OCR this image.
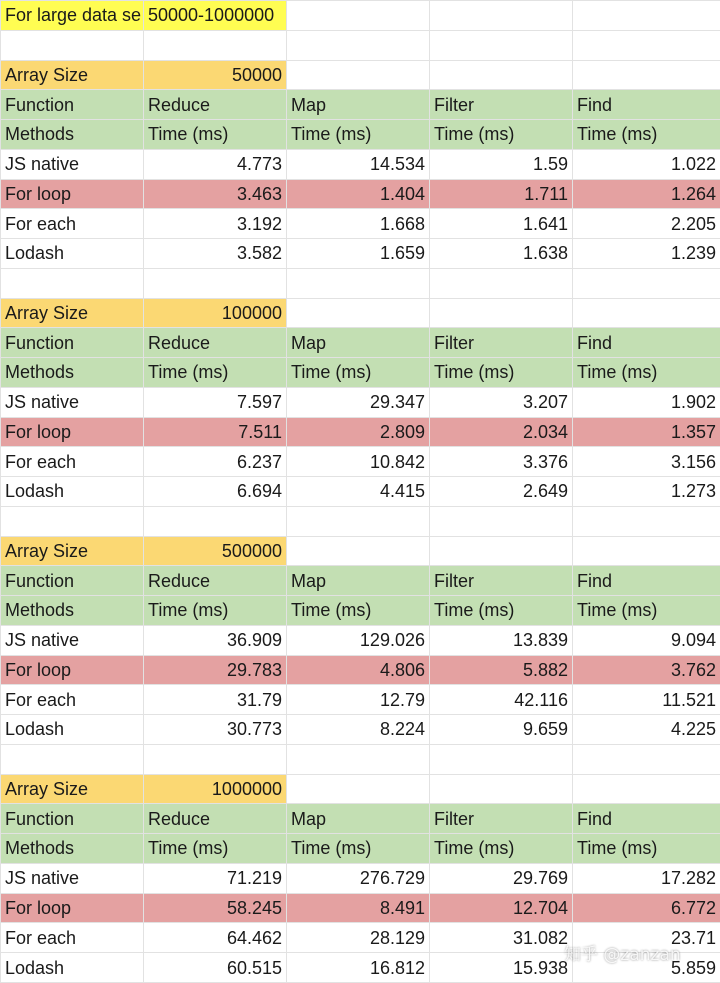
For large data se	50000-1000000			

Array Size	50000			
Function	Reduce	Map	Filter	Find
Methods	Time (ms)	Time (ms)	Time (ms)	Time (ms)
JS native	4.773	14.534	1.59	1.022
For loop	3.463	1.404	1.711	1.264
For each	3.192	1.668	1.641	2.205
Lodash	3.582	1.659	1.638	1.239

Array Size	100000			
Function	Reduce	Map	Filter	Find
Methods	Time (ms)	Time (ms)	Time (ms)	Time (ms)
JS native	7.597	29.347	3.207	1.902
For loop	7.511	2.809	2.034	1.357
For each	6.237	10.842	3.376	3.156
Lodash	6.694	4.415	2.649	1.273

Array Size	500000			
Function	Reduce	Map	Filter	Find
Methods	Time (ms)	Time (ms)	Time (ms)	Time (ms)
JS native	36.909	129.026	13.839	9.094
For loop	29.783	4.806	5.882	3.762
For each	31.79	12.79	42.116	11.521
Lodash	30.773	8.224	9.659	4.225

Array Size	1000000			
Function	Reduce	Map	Filter	Find
Methods	Time (ms)	Time (ms)	Time (ms)	Time (ms)
JS native	71.219	276.729	29.769	17.282
For loop	58.245	8.491	12.704	6.772
For each	64.462	28.129	31.082	23.71
Lodash	60.515	16.812	15.938	5.859
知乎 @zanzan
